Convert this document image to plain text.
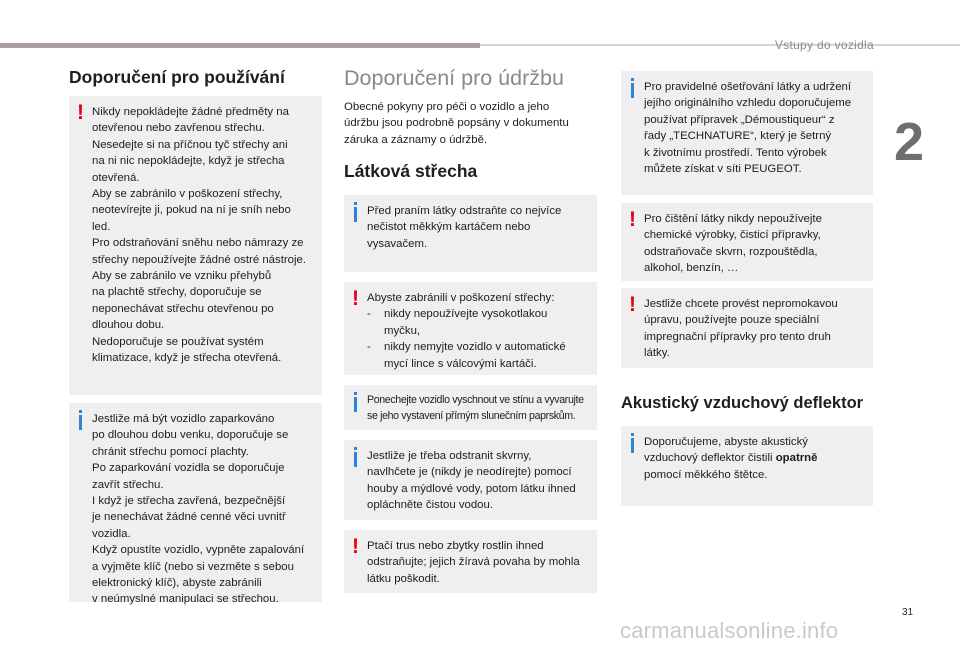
Vstupy do vozidla
2
31
carmanualsonline.info
Doporučení pro používání
! Nikdy nepokládejte žádné předměty na
otevřenou nebo zavřenou střechu.
Nesedejte si na příčnou tyč střechy ani
na ni nic nepokládejte, když je střecha
otevřená.
Aby se zabránilo v poškození střechy,
neotevírejte ji, pokud na ní je sníh nebo
led.
Pro odstraňování sněhu nebo námrazy ze
střechy nepoužívejte žádné ostré nástroje.
Aby se zabránilo ve vzniku přehybů
na plachtě střechy, doporučuje se
neponechávat střechu otevřenou po
dlouhou dobu.
Nedoporučuje se používat systém
klimatizace, když je střecha otevřená.
Jestliže má být vozidlo zaparkováno
po dlouhou dobu venku, doporučuje se
chránit střechu pomocí plachty.
Po zaparkování vozidla se doporučuje
zavřít střechu.
I když je střecha zavřená, bezpečnější
je nenechávat žádné cenné věci uvnitř
vozidla.
Když opustíte vozidlo, vypněte zapalování
a vyjměte klíč (nebo si vezměte s sebou
elektronický klíč), abyste zabránili
v neúmyslné manipulaci se střechou.
Doporučení pro údržbu
Obecné pokyny pro péči o vozidlo a jeho
údržbu jsou podrobně popsány v dokumentu
záruka a záznamy o údržbě.
Látková střecha
Před praním látky odstraňte co nejvíce
nečistot měkkým kartáčem nebo
vysavačem.
! Abyste zabránili v poškození střechy:

-	nikdy nepoužívejte vysokotlakou
myčku,
-	nikdy nemyjte vozidlo v automatické
mycí lince s válcovými kartáči.
Ponechejte vozidlo vyschnout ve stínu a vyvarujte
se jeho vystavení přímým slunečním paprskům.
Jestliže je třeba odstranit skvrny,
navlhčete je (nikdy je neodírejte) pomocí
houby a mýdlové vody, potom látku ihned
opláchněte čistou vodou.
! Ptačí trus nebo zbytky rostlin ihned
odstraňujte; jejich žíravá povaha by mohla
látku poškodit.
Pro pravidelné ošetřování látky a udržení
jejího originálního vzhledu doporučujeme
používat přípravek „Démoustiqueur“ z
řady „TECHNATURE“, který je šetrný
k životnímu prostředí. Tento výrobek
můžete získat v síti PEUGEOT.
! Pro čištění látky nikdy nepoužívejte
chemické výrobky, čisticí přípravky,
odstraňovače skvrn, rozpouštědla,
alkohol, benzín, …
! Jestliže chcete provést nepromokavou
úpravu, používejte pouze speciální
impregnační přípravky pro tento druh
látky.
Akustický vzduchový deflektor
Doporučujeme, abyste akustický
vzduchový deflektor čistili opatrně
pomocí měkkého štětce.
